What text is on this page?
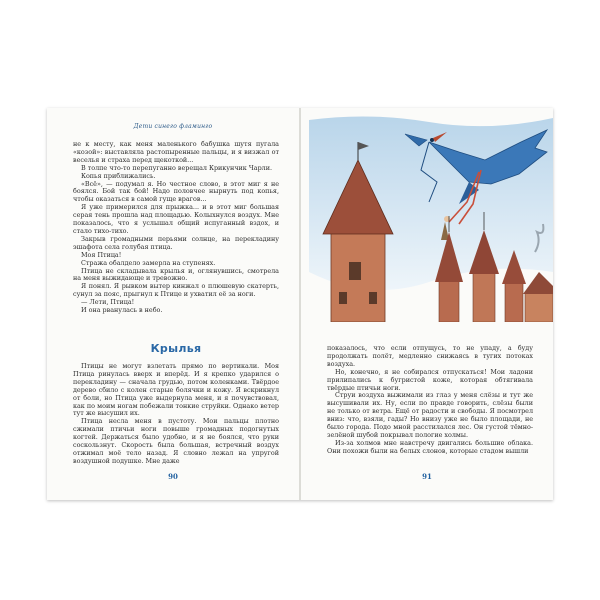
Дети синего фламинго

не к месту, как меня маленького бабушка шутя пугала «козой»: выставляла растопыренные пальцы, и я визжал от веселья и страха перед щекоткой...

В толпе что-то перепуганно верещал Крикунчик Чарли.

Копья приближались.

«Всё», — подумал я. Но честное слово, в этот миг я не боялся. Бой так бой! Надо половчее нырнуть под копья, чтобы оказаться в самой гуще врагов...

Я уже примерился для прыжка... и в этот миг большая серая тень прошла над площадью. Колыхнулся воздух. Мне показалось, что я услышал общий испуганный вздох, и стало тихо-тихо.

Закрыв громадными перьями солнце, на перекладину эшафота села голубая птица.

Моя Птица!

Стража обалдело замерла на ступенях.

Птица не складывала крылья и, оглянувшись, смотрела на меня выжидающе и тревожно.

Я понял. Я рывком вытер кинжал о плюшевую скатерть, сунул за пояс, прыгнул к Птице и ухватил её за ноги.

— Лети, Птица!

И она рванулась в небо.

Крылья

Птицы не могут взлетать прямо по вертикали. Моя Птица ринулась вверх и вперёд. И я крепко ударился о перекладину — сначала грудью, потом коленками. Твёрдое дерево сбило с колен старые болячки и кожу. Я вскрикнул от боли, но Птица уже выдернула меня, и я почувствовал, как по моим ногам побежали тонкие струйки. Однако ветер тут же высушил их.

Птица несла меня в пустоту. Мои пальцы плотно сжимали птичьи ноги повыше громадных подогнутых когтей. Держаться было удобно, и я не боялся, что руки соскользнут. Скорость была большая, встречный воздух отжимал моё тело назад. Я словно лежал на упругой воздушной подушке. Мне даже

90

показалось, что если отпущусь, то не упаду, а буду продолжать полёт, медленно снижаясь в тугих потоках воздуха.

Но, конечно, я не собирался отпускаться! Мои ладони прилипались к бугристой коже, которая обтягивала твёрдые птичьи ноги.

Струи воздуха выжимали из глаз у меня слёзы и тут же высушивали их. Ну, если по правде говорить, слёзы были не только от ветра. Ещё от радости и свободы. Я посмотрел вниз: что, взяли, гады? Но внизу уже не было площади, не было города. Подо мной расстилался лес. Он густой тёмно-зелёной шубой покрывал пологие холмы.

Из-за холмов мне навстречу двигались большие облака. Они похожи были на белых слонов, которые стадом вышли

91
